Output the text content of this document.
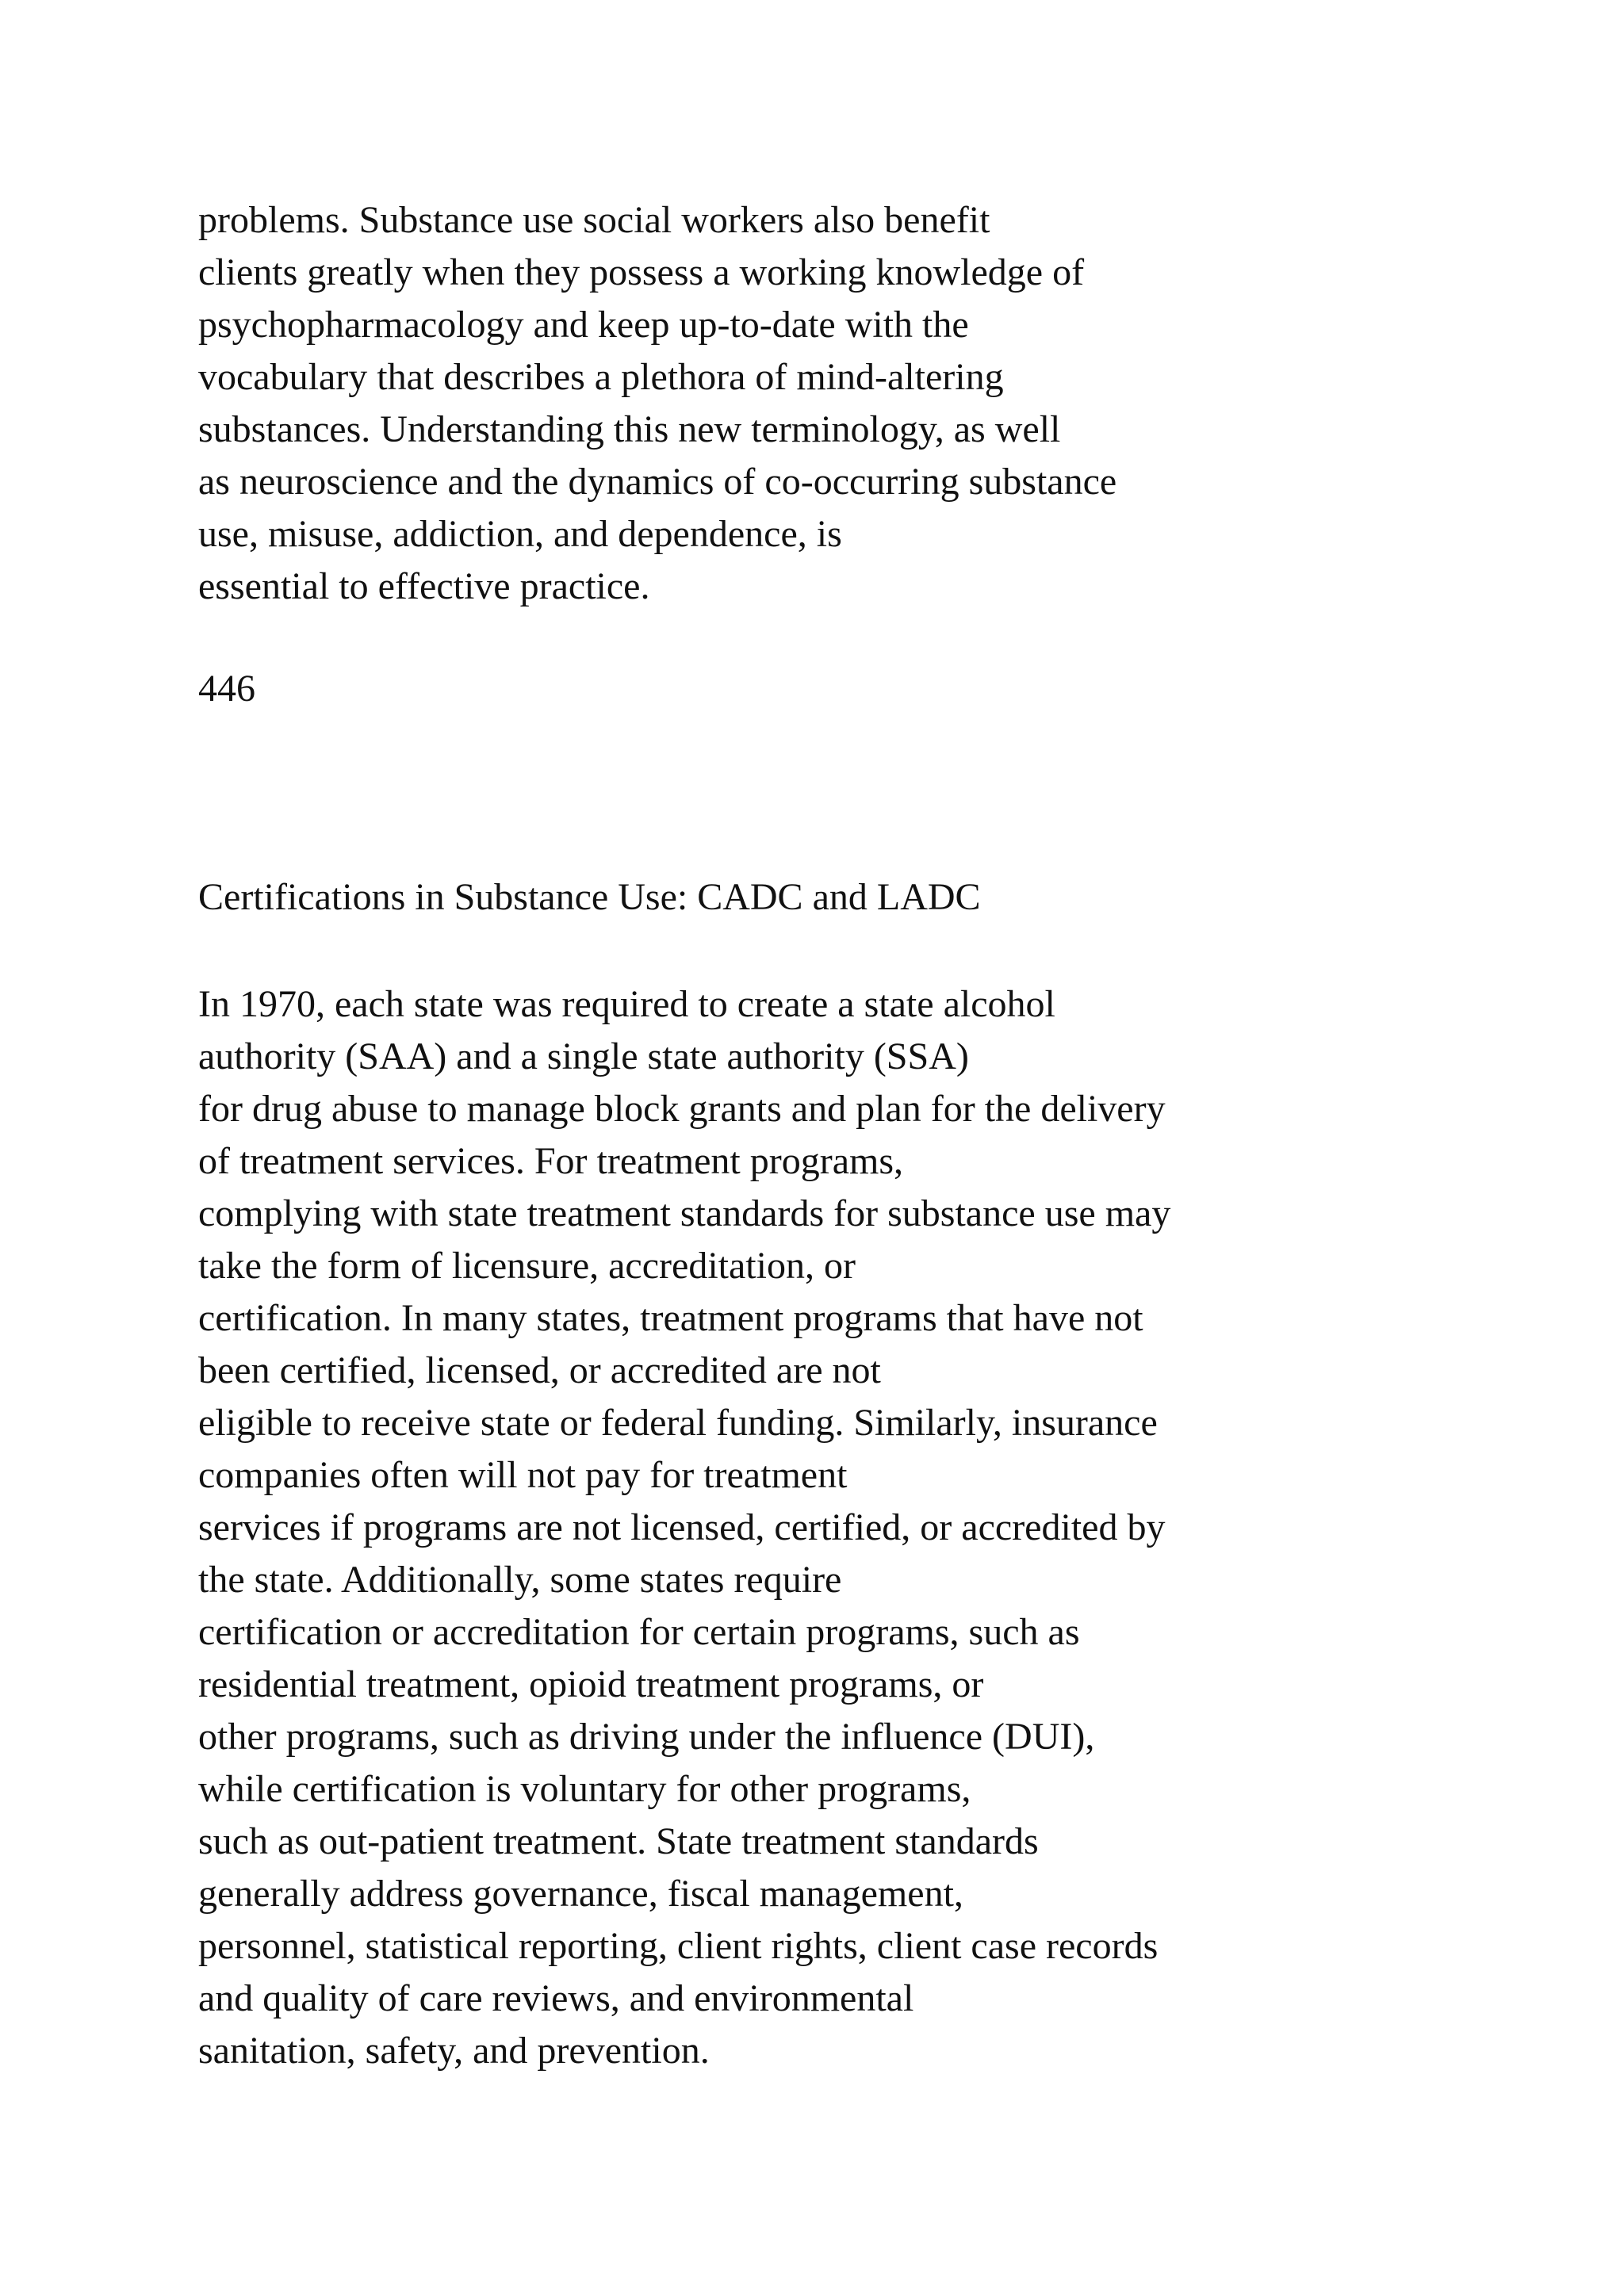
problems. Substance use social workers also benefit
clients greatly when they possess a working knowledge of
psychopharmacology and keep up-to-date with the
vocabulary that describes a plethora of mind-altering
substances. Understanding this new terminology, as well
as neuroscience and the dynamics of co-occurring substance
use, misuse, addiction, and dependence, is
essential to effective practice.
446
Certifications in Substance Use: CADC and LADC
In 1970, each state was required to create a state alcohol
authority (SAA) and a single state authority (SSA)
for drug abuse to manage block grants and plan for the delivery
of treatment services. For treatment programs,
complying with state treatment standards for substance use may
take the form of licensure, accreditation, or
certification. In many states, treatment programs that have not
been certified, licensed, or accredited are not
eligible to receive state or federal funding. Similarly, insurance
companies often will not pay for treatment
services if programs are not licensed, certified, or accredited by
the state. Additionally, some states require
certification or accreditation for certain programs, such as
residential treatment, opioid treatment programs, or
other programs, such as driving under the influence (DUI),
while certification is voluntary for other programs,
such as out-patient treatment. State treatment standards
generally address governance, fiscal management,
personnel, statistical reporting, client rights, client case records
and quality of care reviews, and environmental
sanitation, safety, and prevention.
